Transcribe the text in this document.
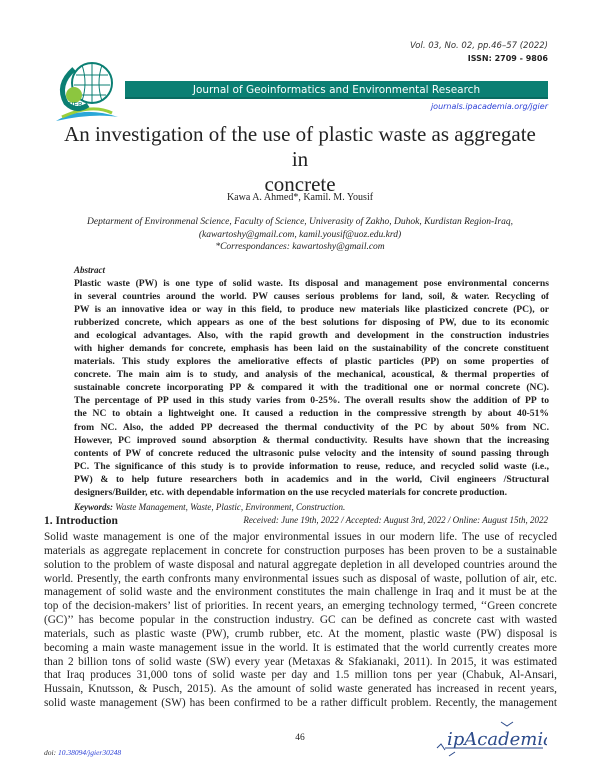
Vol. 03, No. 02, pp.46–57 (2022)
ISSN: 2709 - 9806
GIER
Journal of Geoinformatics and Environmental Research
journals.ipacademia.org/jgier
An investigation of the use of plastic waste as aggregate in
concrete
Kawa A. Ahmed*, Kamil. M. Yousif
Deptarment of Environmenal Science, Faculty of Science, Univerasity of Zakho, Duhok, Kurdistan Region-Iraq,
(kawartoshy@gmail.com, kamil.yousif@uoz.edu.krd)
*Correspondances: kawartoshy@gmail.com
Abstract
Plastic waste (PW) is one type of solid waste. Its disposal and management pose environmental concerns
in several countries around the world. PW causes serious problems for land, soil, & water. Recycling of
PW is an innovative idea or way in this field, to produce new materials like plasticized concrete (PC), or
rubberized concrete, which appears as one of the best solutions for disposing of PW, due to its economic
and ecological advantages. Also, with the rapid growth and development in the construction industries
with higher demands for concrete, emphasis has been laid on the sustainability of the concrete constituent
materials. This study explores the ameliorative effects of plastic particles (PP) on some properties of
concrete. The main aim is to study, and analysis of the mechanical, acoustical, & thermal properties of
sustainable concrete incorporating PP & compared it with the traditional one or normal concrete (NC).
The percentage of PP used in this study varies from 0-25%. The overall results show the addition of PP to
the NC to obtain a lightweight one. It caused a reduction in the compressive strength by about 40-51%
from NC. Also, the added PP decreased the thermal conductivity of the PC by about 50% from NC.
However, PC improved sound absorption & thermal conductivity. Results have shown that the increasing
contents of PW of concrete reduced the ultrasonic pulse velocity and the intensity of sound passing through
PC. The significance of this study is to provide information to reuse, reduce, and recycled solid waste (i.e.,
PW) & to help future researchers both in academics and in the world, Civil engineers /Structural
designers/Builder, etc. with dependable information on the use recycled materials for concrete production.
Keywords: Waste Management, Waste, Plastic, Environment, Construction.
Received: June 19th, 2022 / Accepted: August 3rd, 2022 / Online: August 15th, 2022
1. Introduction
Solid waste management is one of the major environmental issues in our modern life. The use of recycled
materials as aggregate replacement in concrete for construction purposes has been proven to be a sustainable
solution to the problem of waste disposal and natural aggregate depletion in all developed countries around the
world. Presently, the earth confronts many environmental issues such as disposal of waste, pollution of air, etc.
management of solid waste and the environment constitutes the main challenge in Iraq and it must be at the
top of the decision-makers’ list of priorities. In recent years, an emerging technology termed, ‘‘Green concrete
(GC)’’ has become popular in the construction industry. GC can be defined as concrete cast with wasted
materials, such as plastic waste (PW), crumb rubber, etc. At the moment, plastic waste (PW) disposal is
becoming a main waste management issue in the world. It is estimated that the world currently creates more
than 2 billion tons of solid waste (SW) every year (Metaxas & Sfakianaki, 2011). In 2015, it was estimated
that Iraq produces 31,000 tons of solid waste per day and 1.5 million tons per year (Chabuk, Al-Ansari,
Hussain, Knutsson, & Pusch, 2015). As the amount of solid waste generated has increased in recent years,
solid waste management (SW) has been confirmed to be a rather difficult problem. Recently, the management
46
doi: 10.38094/jgier30248
ipAcademia
